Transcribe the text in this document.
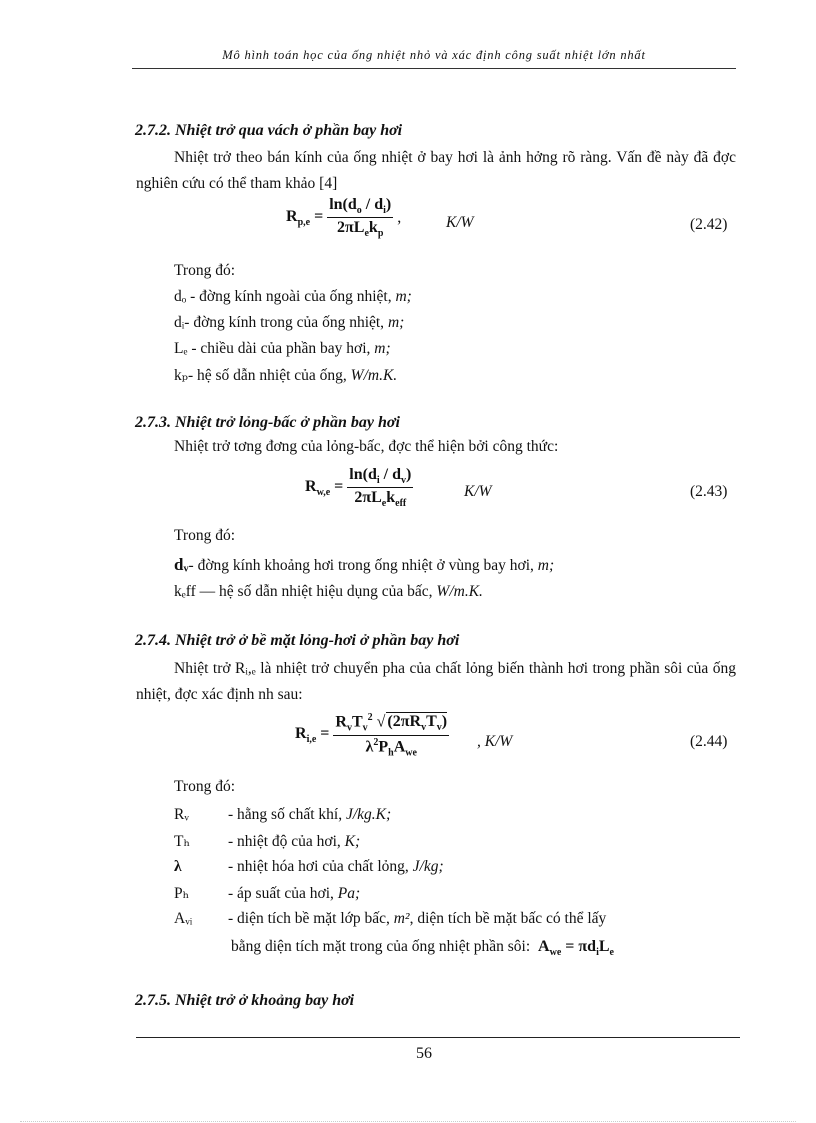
Mô hình toán học của ống nhiệt nhỏ và xác định công suất nhiệt lớn nhất
2.7.2. Nhiệt trở qua vách ở phần bay hơi
Nhiệt trở theo bán kính của ống nhiệt ở bay hơi là ảnh hởng rõ ràng. Vấn đề này đã đợc nghiên cứu có thể tham khảo [4]
$R_{p,e} = \frac{\ln(d_o / d_i)}{2\pi L_ek_p}$ ,	K/W	(2.42)
Trong đó:
dₒ - đờng kính ngoài của ống nhiệt, m;
dᵢ- đờng kính trong của ống nhiệt, m;
Lₑ - chiều dài của phần bay hơi, m;
kₚ- hệ số dẫn nhiệt của ống, W/m.K.
2.7.3. Nhiệt trở lỏng-bấc ở phần bay hơi
Nhiệt trở tơng đơng của lỏng-bấc, đợc thể hiện bởi công thức:
$R_{w,e} = \frac{\ln(d_i / d_v)}{2\pi L_ek_{eff}}$	K/W	(2.43)
Trong đó:
dᵥ- đờng kính khoảng hơi trong ống nhiệt ở vùng bay hơi, m;
kₑff — hệ số dẫn nhiệt hiệu dụng của bấc, W/m.K.
2.7.4. Nhiệt trở ở bề mặt lỏng-hơi ở phần bay hơi
Nhiệt trở Rᵢ,ₑ là nhiệt trở chuyển pha của chất lỏng biến thành hơi trong phần sôi của ống nhiệt, đợc xác định nh sau:
$R_{i,e} = \frac{R_vT_v^2 √ (2\pi R_vT_v)}{\lambda^2P_hA_{we}}$ , K/W	(2.44)
Trong đó:
Rᵥ	- hằng số chất khí, J/kg.K;
Tₕ - nhiệt độ của hơi, K;
λ	- nhiệt hóa hơi của chất lỏng, J/kg;
Pₕ - áp suất của hơi, Pa;
Aᵥᵢ - diện tích bề mặt lớp bấc, m², diện tích bề mặt bấc có thể lấy
bằng diện tích mặt trong của ống nhiệt phần sôi: $A_{we} = \pi d_iL_e$
2.7.5. Nhiệt trở ở khoảng bay hơi
56
